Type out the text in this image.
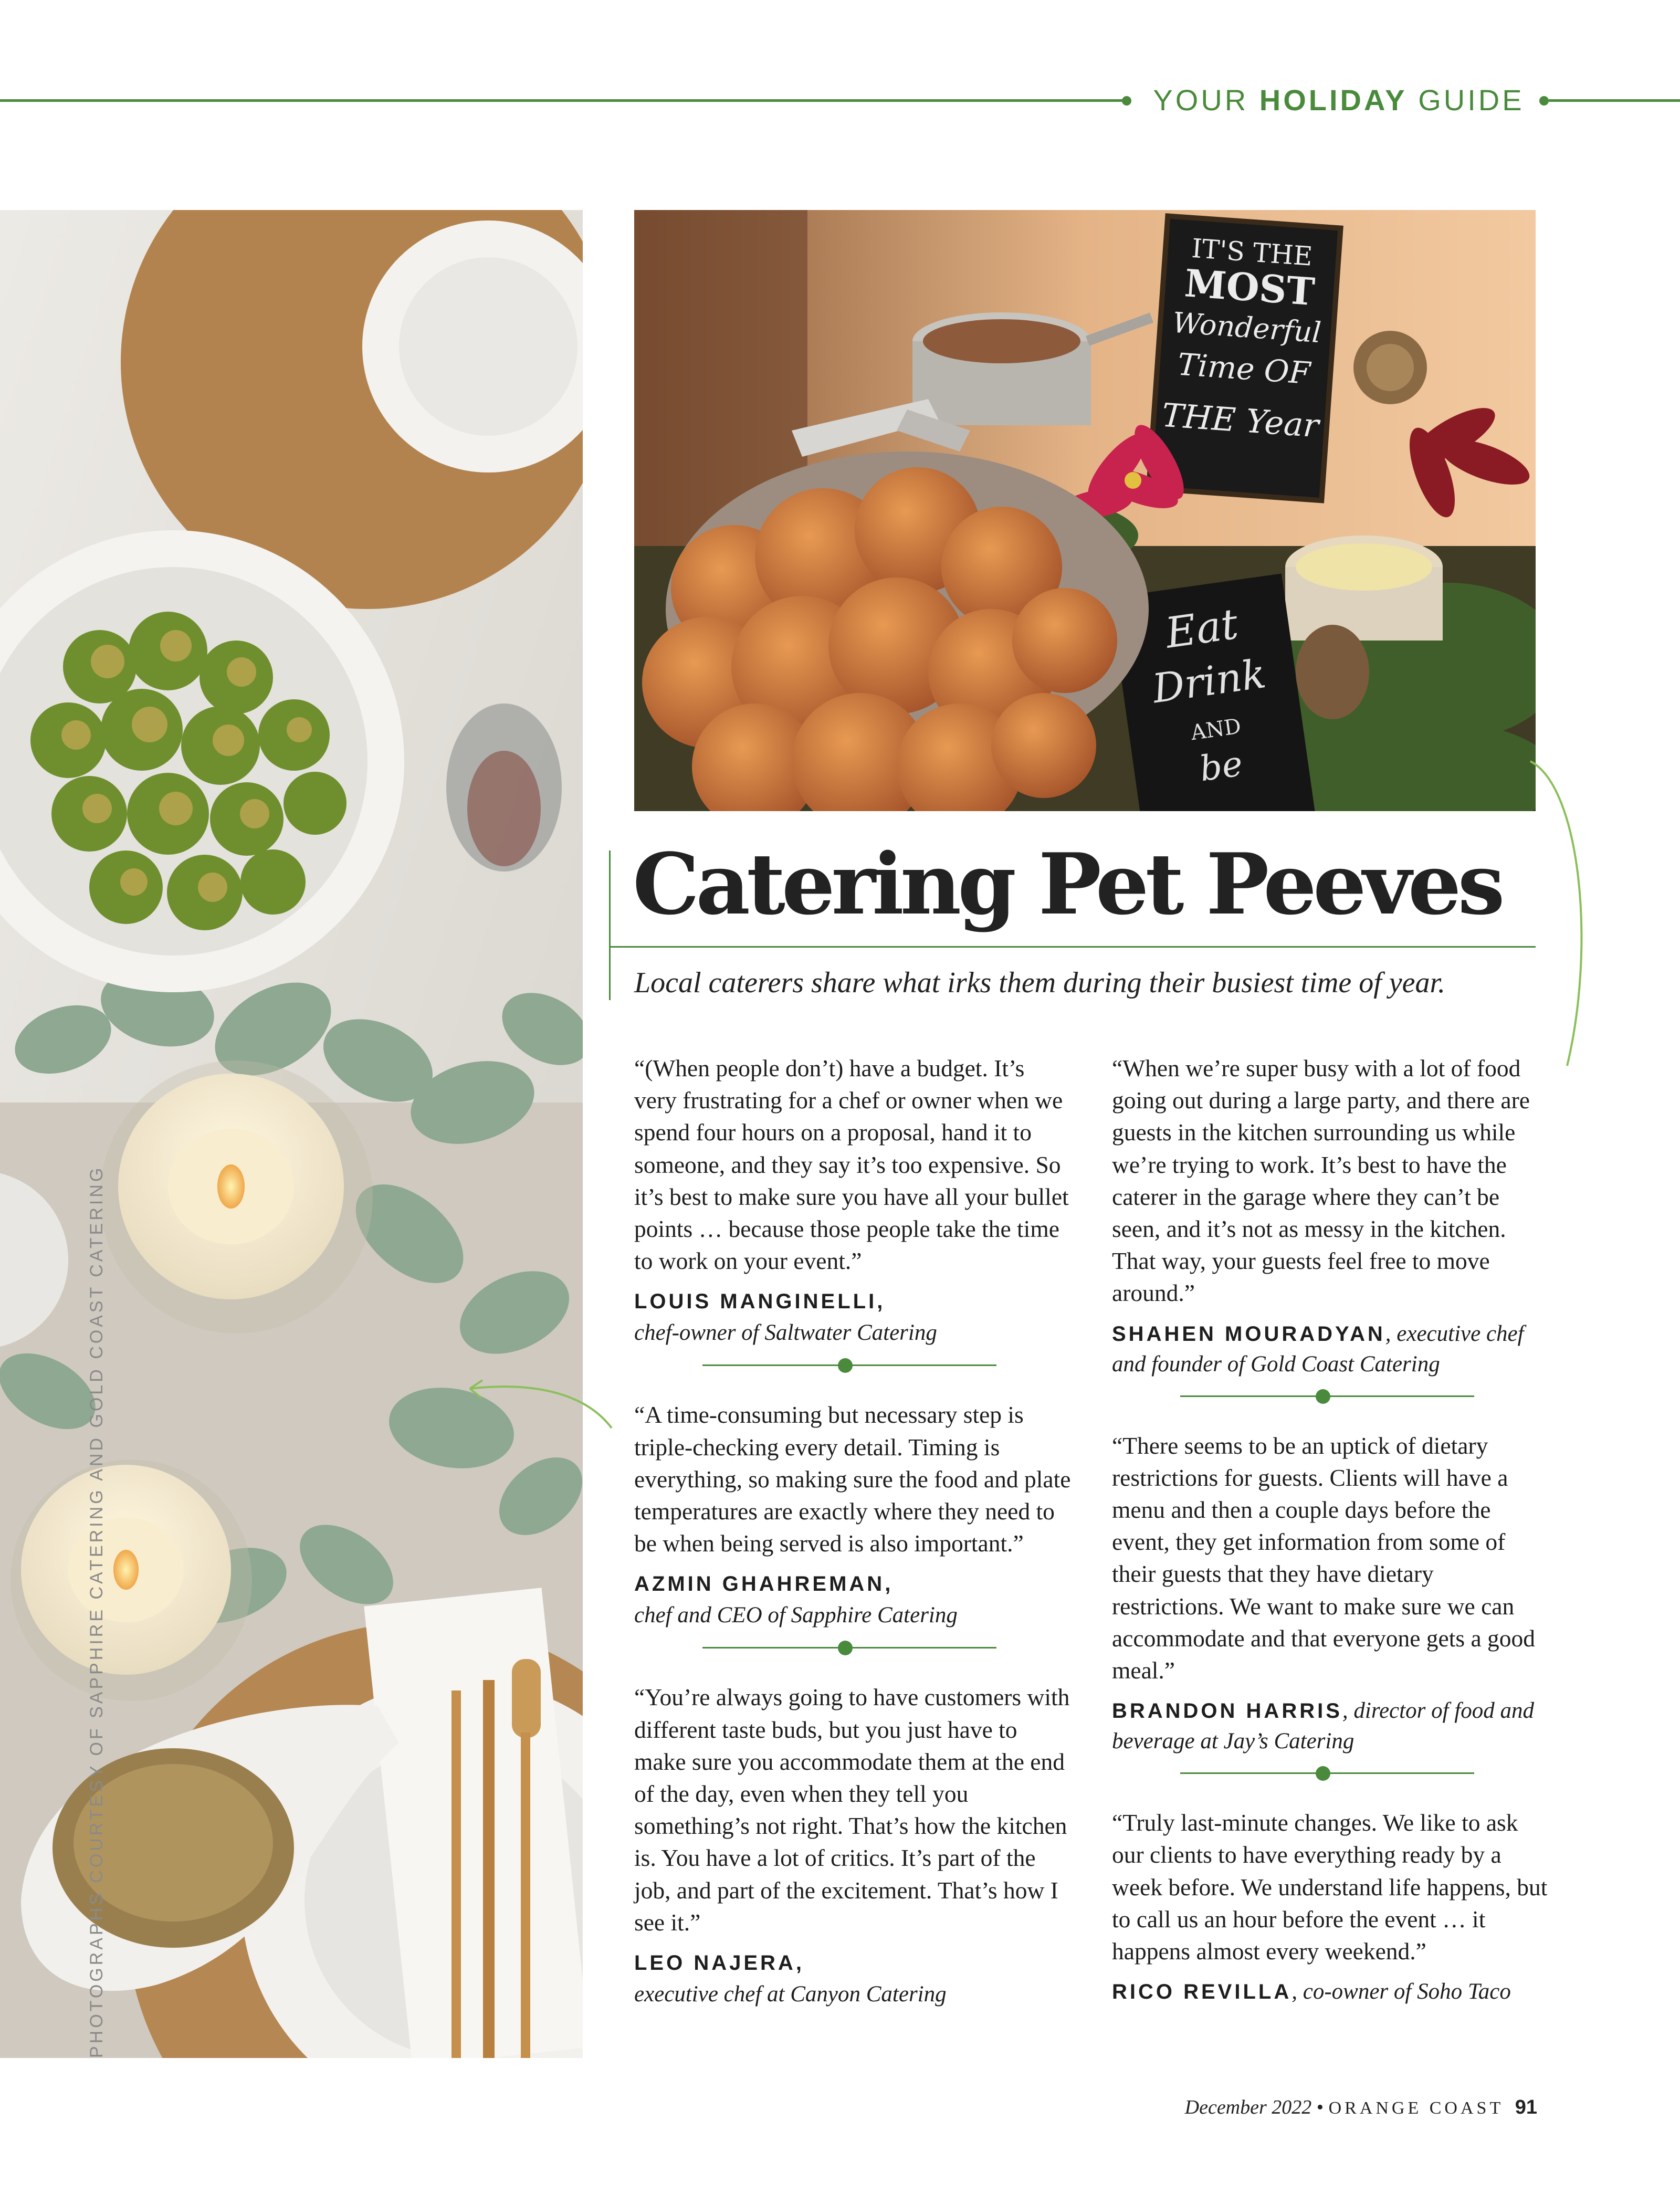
YOUR HOLIDAY GUIDE
PHOTOGRAPHS COURTESY OF SAPPHIRE CATERING AND GOLD COAST CATERING
IT'S THE
MOST
Wonderful
Time OF
THE Year
Eat
Drink
AND
be
Catering Pet Peeves
Local caterers share what irks them during their busiest time of year.

“(When people don’t) have a budget. It’s very frustrating for a chef or owner when we spend four hours on a proposal, hand it to someone, and they say it’s too expensive. So it’s best to make sure you have all your bullet points … because those people take the time to work on your event.”

LOUIS MANGINELLI,

chef-owner of Saltwater Catering

“A time-consuming but necessary step is triple-checking every detail. Timing is everything, so making sure the food and plate temperatures are exactly where they need to be when being served is also important.”

AZMIN GHAHREMAN,

chef and CEO of Sapphire Catering

“You’re always going to have customers with different taste buds, but you just have to make sure you accommodate them at the end of the day, even when they tell you something’s not right. That’s how the kitchen is. You have a lot of critics. It’s part of the job, and part of the excitement. That’s how I see it.”

LEO NAJERA,

executive chef at Canyon Catering

“When we’re super busy with a lot of food going out during a large party, and there are guests in the kitchen surrounding us while we’re trying to work. It’s best to have the caterer in the garage where they can’t be seen, and it’s not as messy in the kitchen. That way, your guests feel free to move around.”

SHAHEN MOURADYAN, executive chef and founder of Gold Coast Catering

“There seems to be an uptick of dietary restrictions for guests. Clients will have a menu and then a couple days before the event, they get information from some of their guests that they have dietary restrictions. We want to make sure we can accommodate and that everyone gets a good meal.”

BRANDON HARRIS, director of food and beverage at Jay’s Catering

“Truly last-minute changes. We like to ask our clients to have everything ready by a week before. We understand life happens, but to call us an hour before the event … it happens almost every weekend.”

RICO REVILLA, co-owner of Soho Taco

December 2022 • ORANGE COAST 91
